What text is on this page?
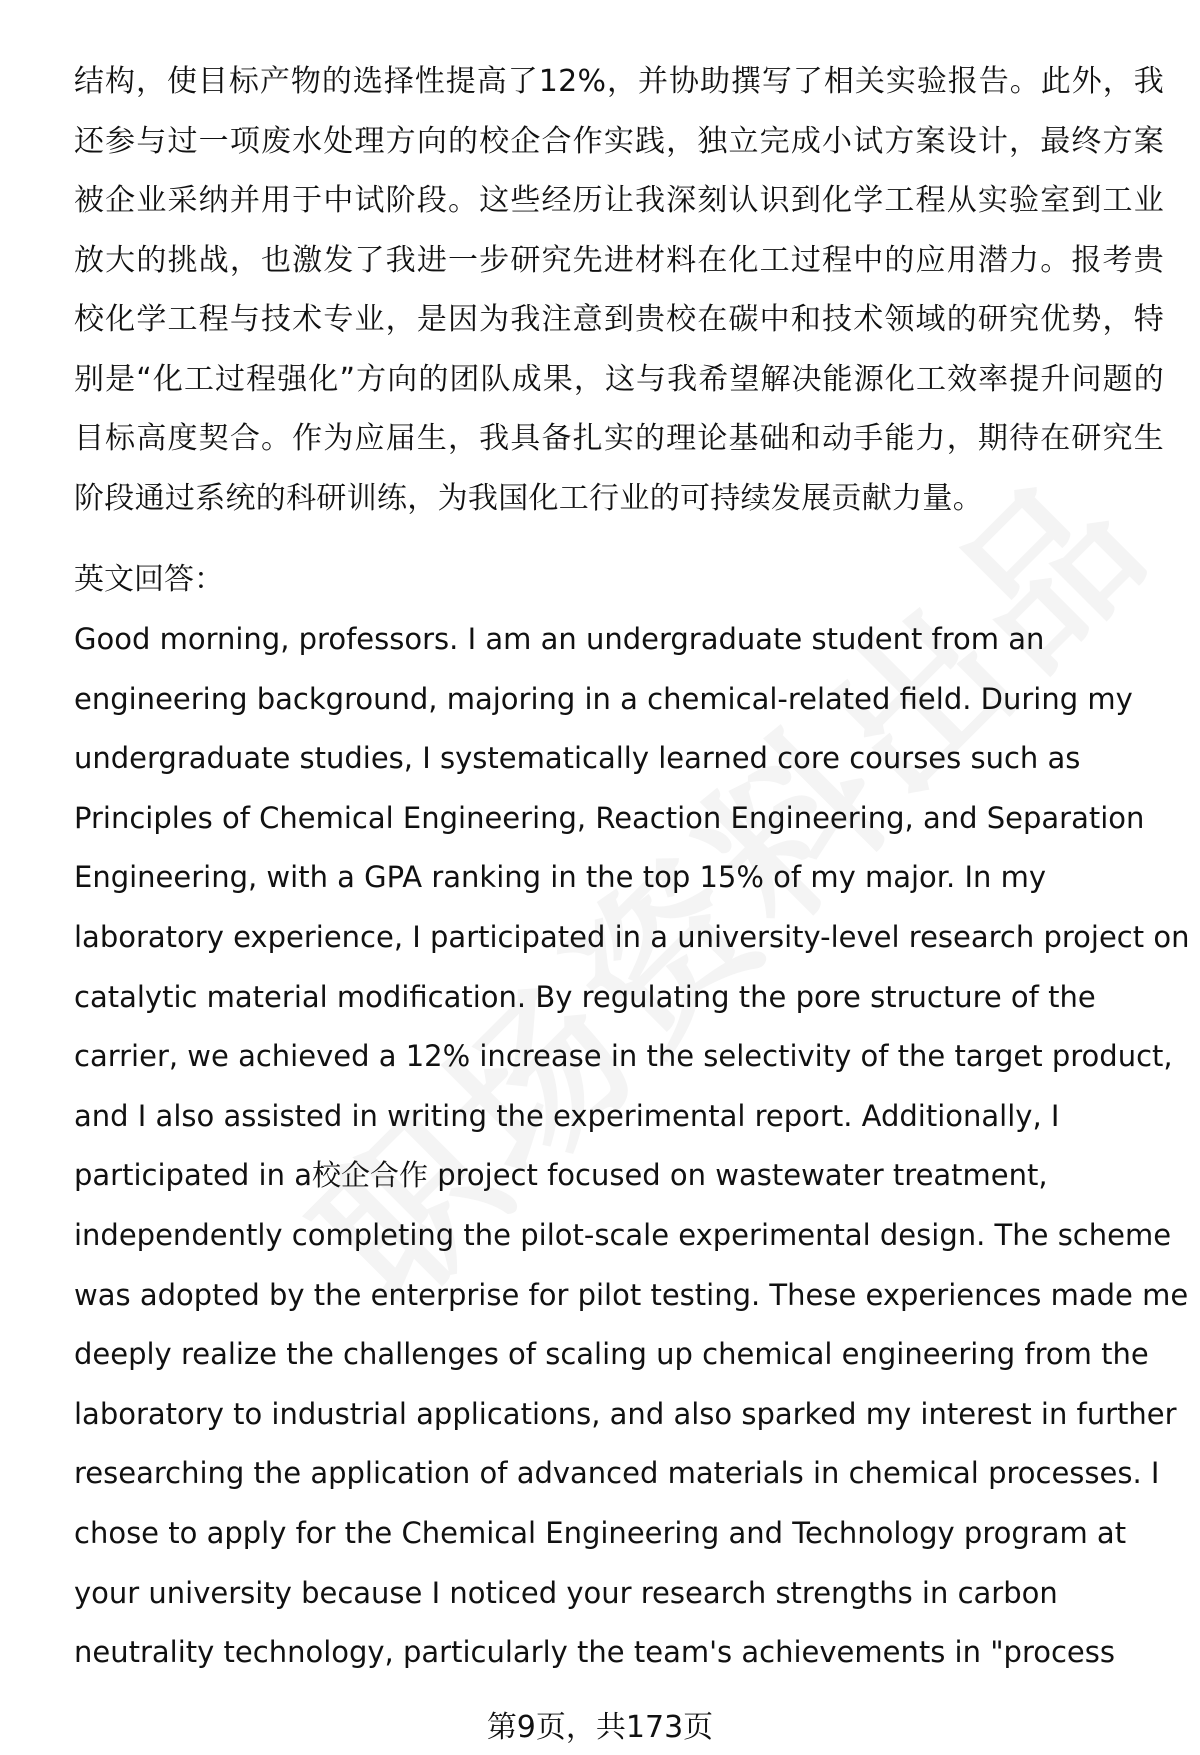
结构，使目标产物的选择性提高了12%，并协助撰写了相关实验报告。此外，我还参与过一项废水处理方向的校企合作实践，独立完成小试方案设计，最终方案被企业采纳并用于中试阶段。这些经历让我深刻认识到化学工程从实验室到工业放大的挑战，也激发了我进一步研究先进材料在化工过程中的应用潜力。报考贵校化学工程与技术专业，是因为我注意到贵校在碳中和技术领域的研究优势，特别是“化工过程强化”方向的团队成果，这与我希望解决能源化工效率提升问题的目标高度契合。作为应届生，我具备扎实的理论基础和动手能力，期待在研究生阶段通过系统的科研训练，为我国化工行业的可持续发展贡献力量。

英文回答：
Good morning, professors. I am an undergraduate student from an
engineering background, majoring in a chemical-related field. During my
undergraduate studies, I systematically learned core courses such as
Principles of Chemical Engineering, Reaction Engineering, and Separation
Engineering, with a GPA ranking in the top 15% of my major. In my
laboratory experience, I participated in a university-level research project on
catalytic material modification. By regulating the pore structure of the
carrier, we achieved a 12% increase in the selectivity of the target product,
and I also assisted in writing the experimental report. Additionally, I
participated in a校企合作 project focused on wastewater treatment,
independently completing the pilot-scale experimental design. The scheme
was adopted by the enterprise for pilot testing. These experiences made me
deeply realize the challenges of scaling up chemical engineering from the
laboratory to industrial applications, and also sparked my interest in further
researching the application of advanced materials in chemical processes. I
chose to apply for the Chemical Engineering and Technology program at
your university because I noticed your research strengths in carbon
neutrality technology, particularly the team's achievements in "process
第9页，共173页
